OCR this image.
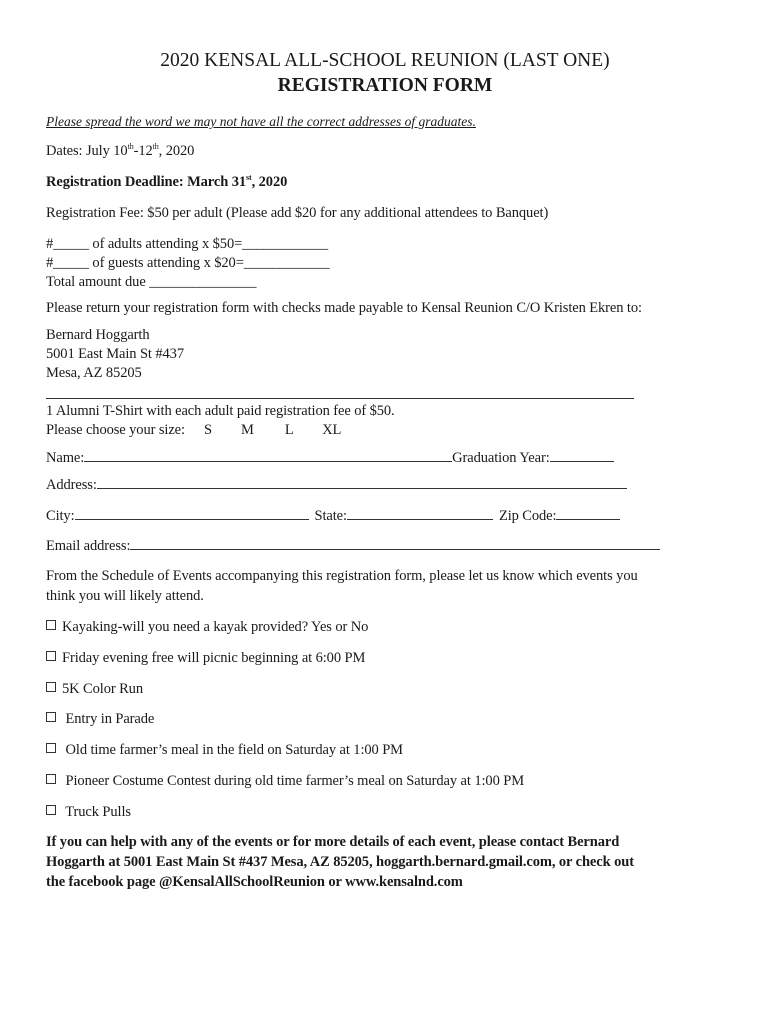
2020 KENSAL ALL-SCHOOL REUNION (LAST ONE)
REGISTRATION FORM
Please spread the word we may not have all the correct addresses of graduates.
Dates: July 10th-12th, 2020
Registration Deadline: March 31st, 2020
Registration Fee: $50 per adult (Please add $20 for any additional attendees to Banquet)
#_____ of adults attending x $50=____________
#_____ of guests attending x $20=____________
Total amount due _______________
Please return your registration form with checks made payable to Kensal Reunion C/O Kristen Ekren to:
Bernard Hoggarth
5001 East Main St #437
Mesa, AZ 85205
1 Alumni T-Shirt with each adult paid registration fee of $50.
Please choose your size: S M L XL
Name:	Graduation Year:
Address:
City:	State:	Zip Code:
Email address:
From the Schedule of Events accompanying this registration form, please let us know which events you
think you will likely attend.
Kayaking-will you need a kayak provided? Yes or No
Friday evening free will picnic beginning at 6:00 PM
5K Color Run
Entry in Parade
Old time farmer’s meal in the field on Saturday at 1:00 PM
Pioneer Costume Contest during old time farmer’s meal on Saturday at 1:00 PM
Truck Pulls
If you can help with any of the events or for more details of each event, please contact Bernard
Hoggarth at 5001 East Main St #437 Mesa, AZ 85205, hoggarth.bernard.gmail.com, or check out
the facebook page @KensalAllSchoolReunion or www.kensalnd.com
